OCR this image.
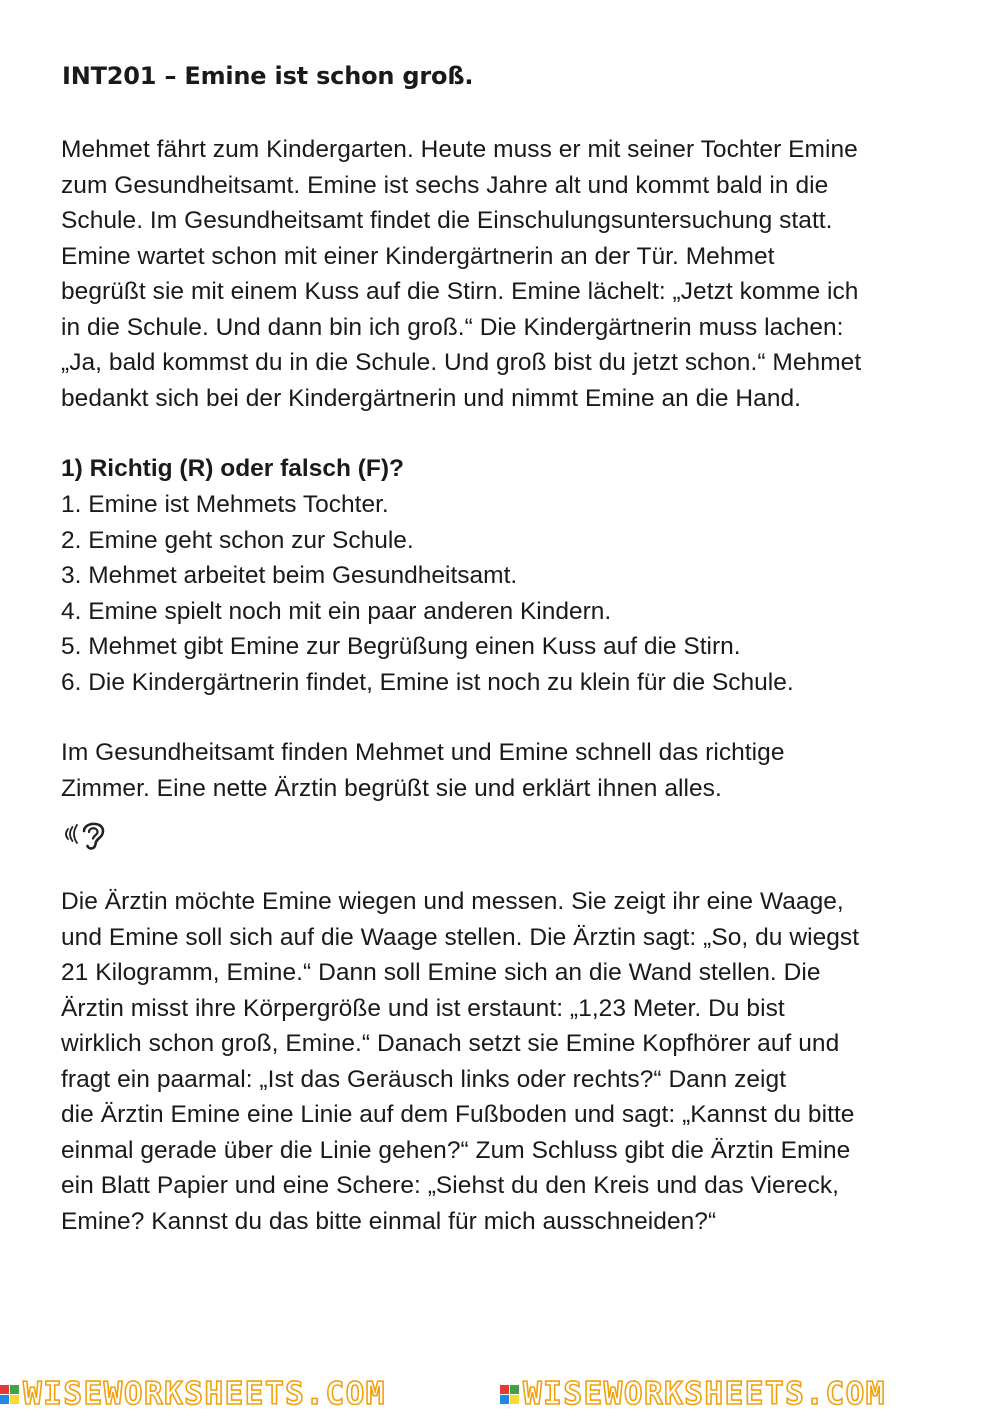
INT201 – Emine ist schon groß.

Mehmet fährt zum Kindergarten. Heute muss er mit seiner Tochter Emine
zum Gesundheitsamt. Emine ist sechs Jahre alt und kommt bald in die
Schule. Im Gesundheitsamt findet die Einschulungsuntersuchung statt.
Emine wartet schon mit einer Kindergärtnerin an der Tür. Mehmet
begrüßt sie mit einem Kuss auf die Stirn. Emine lächelt: „Jetzt komme ich
in die Schule. Und dann bin ich groß.“ Die Kindergärtnerin muss lachen:
„Ja, bald kommst du in die Schule. Und groß bist du jetzt schon.“ Mehmet
bedankt sich bei der Kindergärtnerin und nimmt Emine an die Hand.

1) Richtig (R) oder falsch (F)?
1. Emine ist Mehmets Tochter.
2. Emine geht schon zur Schule.
3. Mehmet arbeitet beim Gesundheitsamt.
4. Emine spielt noch mit ein paar anderen Kindern.
5. Mehmet gibt Emine zur Begrüßung einen Kuss auf die Stirn.
6. Die Kindergärtnerin findet, Emine ist noch zu klein für die Schule.

Im Gesundheitsamt finden Mehmet und Emine schnell das richtige
Zimmer. Eine nette Ärztin begrüßt sie und erklärt ihnen alles.

Die Ärztin möchte Emine wiegen und messen. Sie zeigt ihr eine Waage,
und Emine soll sich auf die Waage stellen. Die Ärztin sagt: „So, du wiegst
21 Kilogramm, Emine.“ Dann soll Emine sich an die Wand stellen. Die
Ärztin misst ihre Körpergröße und ist erstaunt: „1,23 Meter. Du bist
wirklich schon groß, Emine.“ Danach setzt sie Emine Kopfhörer auf und
fragt ein paarmal: „Ist das Geräusch links oder rechts?“ Dann zeigt
die Ärztin Emine eine Linie auf dem Fußboden und sagt: „Kannst du bitte
einmal gerade über die Linie gehen?“ Zum Schluss gibt die Ärztin Emine
ein Blatt Papier und eine Schere: „Siehst du den Kreis und das Viereck,
Emine? Kannst du das bitte einmal für mich ausschneiden?“

WISEWORKSHEETS.COM	WISEWORKSHEETS.COM
